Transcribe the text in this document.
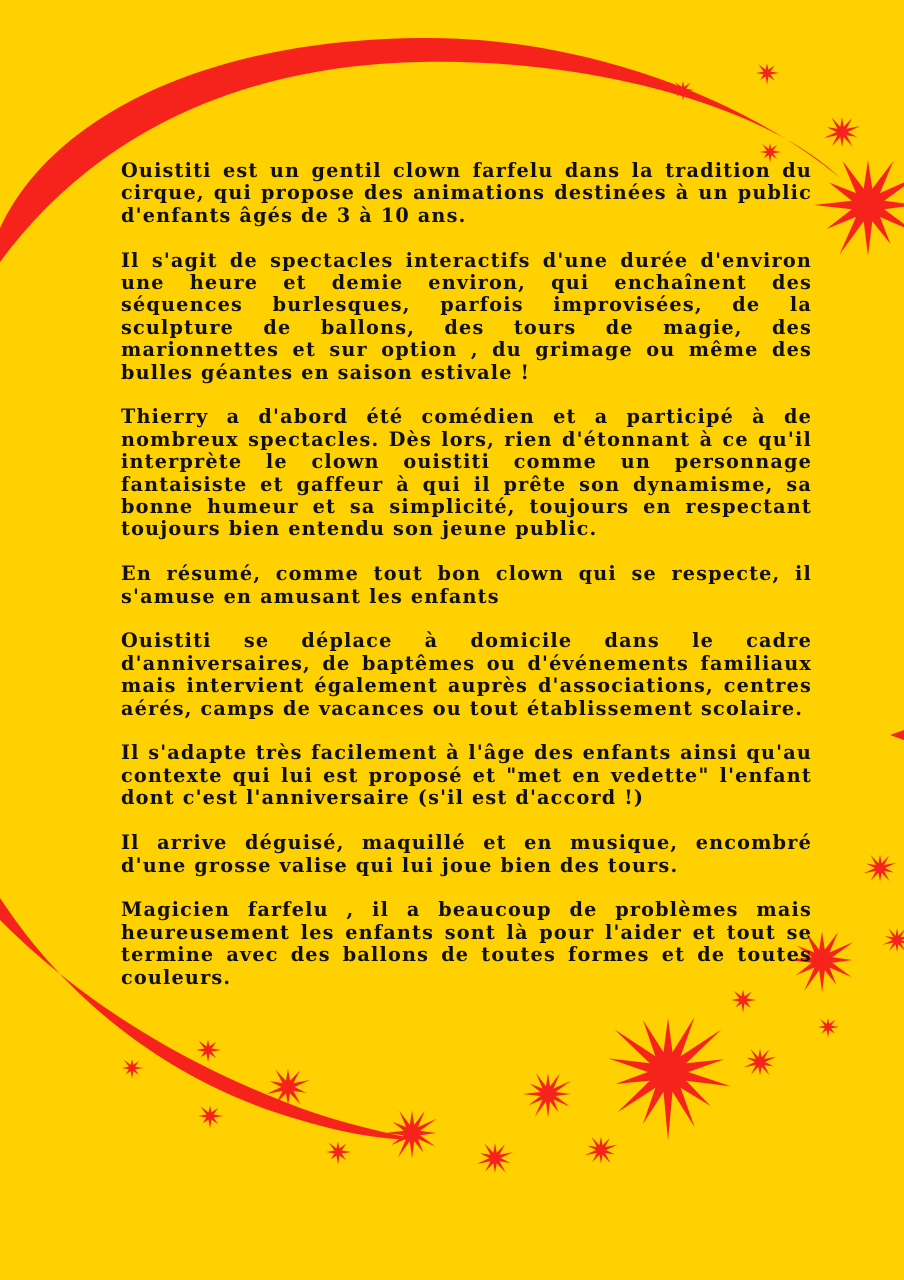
Ouistiti est un gentil clown farfelu dans la tradition du cirque, qui propose des animations destinées à un public d'enfants âgés de 3 à 10 ans.

Il s'agit de spectacles interactifs d'une durée d'environ une heure et demie environ, qui enchaînent des séquences burlesques, parfois improvisées, de la sculpture de ballons, des tours de magie, des marionnettes et sur option , du grimage ou même des bulles géantes en saison estivale !

Thierry a d'abord été comédien et a participé à de nombreux spectacles. Dès lors, rien d'étonnant à ce qu'il interprète le clown ouistiti comme un personnage fantaisiste et gaffeur à qui il prête son dynamisme, sa bonne humeur et sa simplicité, toujours en respectant toujours bien entendu son jeune public.

En résumé, comme tout bon clown qui se respecte, il s'amuse en amusant les enfants

Ouistiti se déplace à domicile dans le cadre d'anniversaires, de baptêmes ou d'événements familiaux mais intervient également auprès d'associations, centres aérés, camps de vacances ou tout établissement scolaire.

Il s'adapte très facilement à l'âge des enfants ainsi qu'au contexte qui lui est proposé et "met en vedette" l'enfant dont c'est l'anniversaire (s'il est d'accord !)

Il arrive déguisé, maquillé et en musique, encombré d'une grosse valise qui lui joue bien des tours.

Magicien farfelu , il a beaucoup de problèmes mais heureusement les enfants sont là pour l'aider et tout se termine avec des ballons de toutes formes et de toutes couleurs.
